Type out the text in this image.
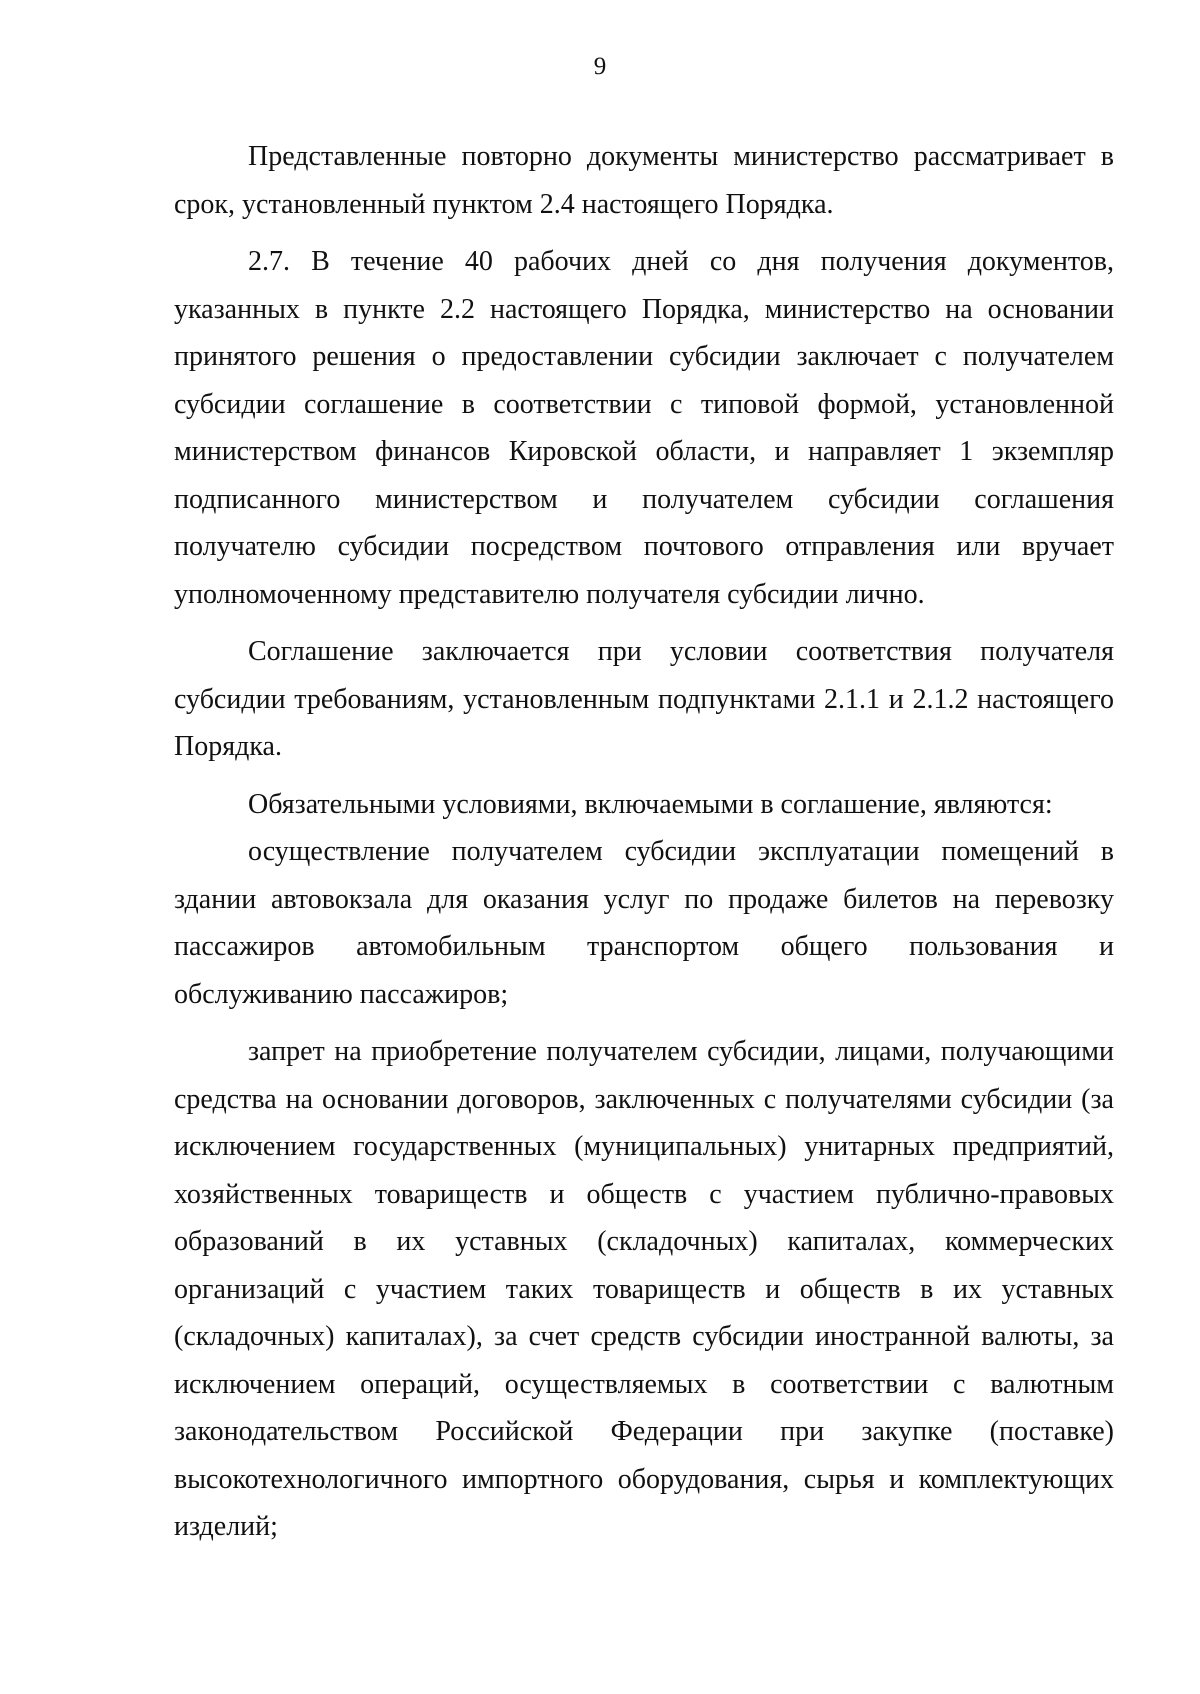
9

Представленные повторно документы министерство рассматривает в срок, установленный пунктом 2.4 настоящего Порядка.

2.7. В течение 40 рабочих дней со дня получения документов, указанных в пункте 2.2 настоящего Порядка, министерство на основании принятого решения о предоставлении субсидии заключает с получателем субсидии соглашение в соответствии с типовой формой, установленной министерством финансов Кировской области, и направляет 1 экземпляр подписанного министерством и получателем субсидии соглашения получателю субсидии посредством почтового отправления или вручает уполномоченному представителю получателя субсидии лично.

Соглашение заключается при условии соответствия получателя субсидии требованиям, установленным подпунктами 2.1.1 и 2.1.2 настоящего Порядка.

Обязательными условиями, включаемыми в соглашение, являются:

осуществление получателем субсидии эксплуатации помещений в здании автовокзала для оказания услуг по продаже билетов на перевозку пассажиров автомобильным транспортом общего пользования и обслуживанию пассажиров;

запрет на приобретение получателем субсидии, лицами, получающими средства на основании договоров, заключенных с получателями субсидии (за исключением государственных (муниципальных) унитарных предприятий, хозяйственных товариществ и обществ с участием публично-правовых образований в их уставных (складочных) капиталах, коммерческих организаций с участием таких товариществ и обществ в их уставных (складочных) капиталах), за счет средств субсидии иностранной валюты, за исключением операций, осуществляемых в соответствии с валютным законодательством Российской Федерации при закупке (поставке) высокотехнологичного импортного оборудования, сырья и комплектующих изделий;
